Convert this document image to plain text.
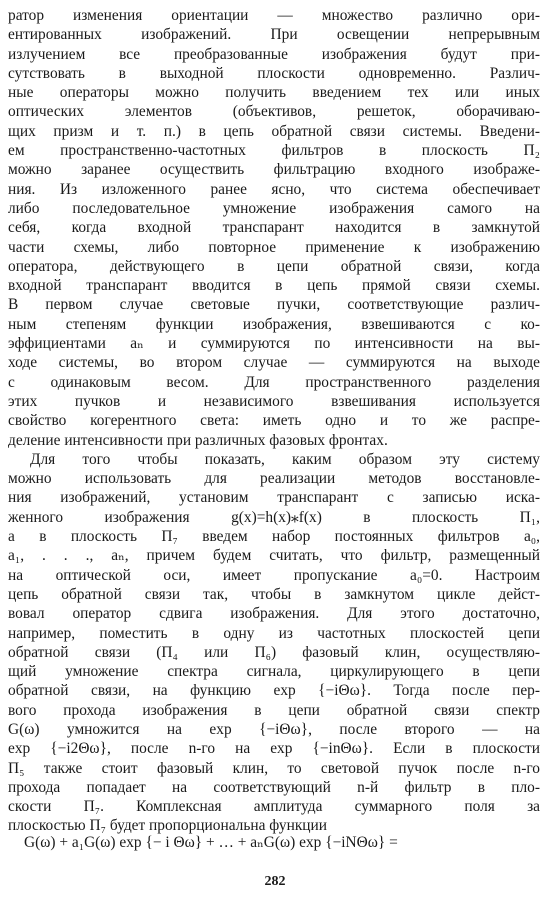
ратор изменения ориентации — множество различно ори-
ентированных изображений. При освещении непрерывным
излучением все преобразованные изображения будут при-
сутствовать в выходной плоскости одновременно. Различ-
ные операторы можно получить введением тех или иных
оптических элементов (объективов, решеток, оборачиваю-
щих призм и т. п.) в цепь обратной связи системы. Введени-
ем пространственно-частотных фильтров в плоскость П₂
можно заранее осуществить фильтрацию входного изображе-
ния. Из изложенного ранее ясно, что система обеспечивает
либо последовательное умножение изображения самого на
себя, когда входной транспарант находится в замкнутой
части схемы, либо повторное применение к изображению
оператора, действующего в цепи обратной связи, когда
входной транспарант вводится в цепь прямой связи схемы.
В первом случае световые пучки, соответствующие различ-
ным степеням функции изображения, взвешиваются с ко-
эффициентами aₙ и суммируются по интенсивности на вы-
ходе системы, во втором случае — суммируются на выходе
с одинаковым весом. Для пространственного разделения
этих пучков и независимого взвешивания используется
свойство когерентного света: иметь одно и то же распре-
деление интенсивности при различных фазовых фронтах.
Для того чтобы показать, каким образом эту систему
можно использовать для реализации методов восстановле-
ния изображений, установим транспарант с записью иска-
женного изображения g(x)=h(x)⁎f(x) в плоскость П₁,
а в плоскость П₇ введем набор постоянных фильтров a₀,
a₁, . . ., aₙ, причем будем считать, что фильтр, размещенный
на оптической оси, имеет пропускание a₀=0. Настроим
цепь обратной связи так, чтобы в замкнутом цикле дейст-
вовал оператор сдвига изображения. Для этого достаточно,
например, поместить в одну из частотных плоскостей цепи
обратной связи (П₄ или П₆) фазовый клин, осуществляю-
щий умножение спектра сигнала, циркулирующего в цепи
обратной связи, на функцию exp {−iΘω}. Тогда после пер-
вого прохода изображения в цепи обратной связи спектр
G(ω) умножится на exp {−iΘω}, после второго — на
exp {−i2Θω}, после n-го на exp {−inΘω}. Если в плоскости
П₅ также стоит фазовый клин, то световой пучок после n-го
прохода попадает на соответствующий n-й фильтр в пло-
скости П₇. Комплексная амплитуда суммарного поля за
плоскостью П₇ будет пропорциональна функции
G(ω) + a₁G(ω) exp {− i Θω} + … + aₙG(ω) exp {−iNΘω} =
282
